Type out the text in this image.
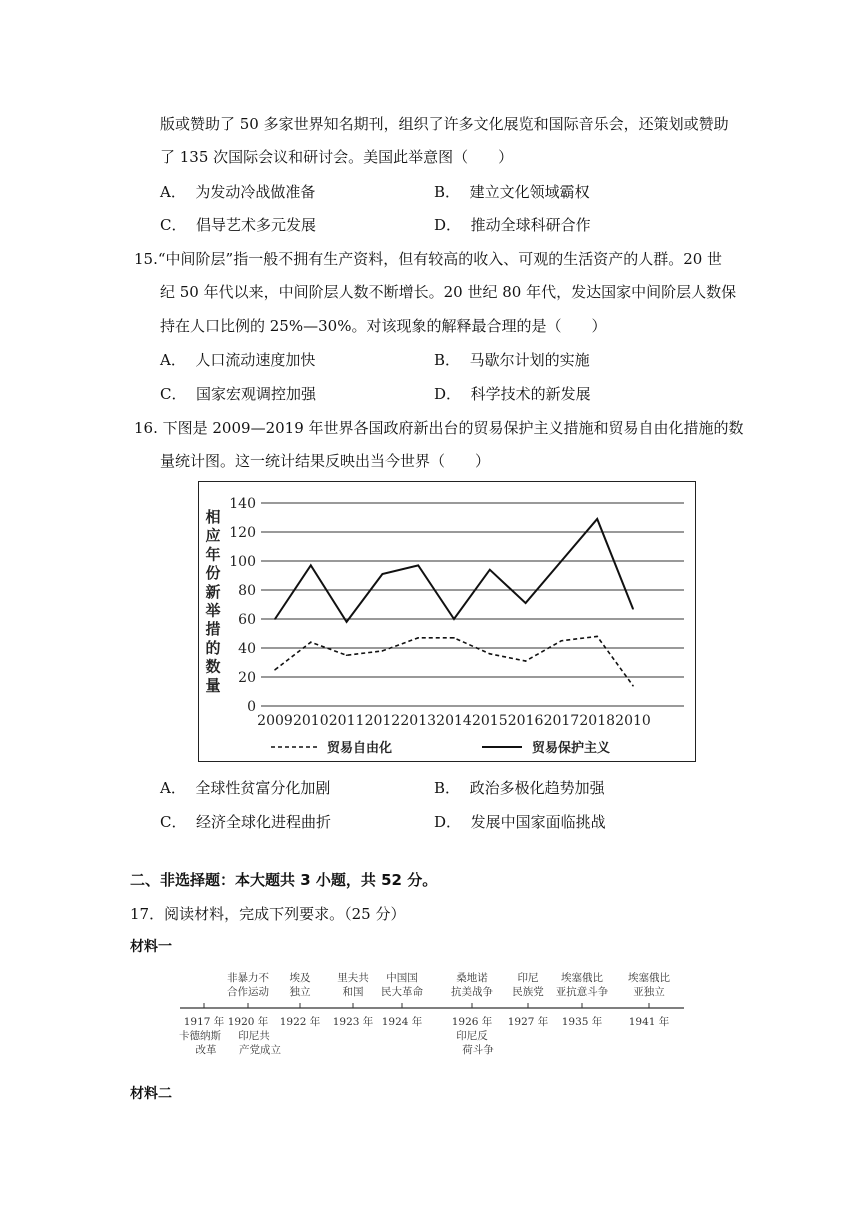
版或赞助了 50 多家世界知名期刊，组织了许多文化展览和国际音乐会，还策划或赞助
了 135 次国际会议和研讨会。美国此举意图（　　）
A． 为发动冷战做准备	B． 建立文化领域霸权
C． 倡导艺术多元发展	D． 推动全球科研合作
15.“中间阶层”指一般不拥有生产资料，但有较高的收入、可观的生活资产的人群。20 世
纪 50 年代以来，中间阶层人数不断增长。20 世纪 80 年代，发达国家中间阶层人数保
持在人口比例的 25%—30%。对该现象的解释最合理的是（　　）
A． 人口流动速度加快	B． 马歇尔计划的实施
C． 国家宏观调控加强	D． 科学技术的新发展
16. 下图是 2009—2019 年世界各国政府新出台的贸易保护主义措施和贸易自由化措施的数
量统计图。这一统计结果反映出当今世界（　　）
0
20
40
60
80
100
120
140
相
应
年
份
新
举
措
的
数
量
2009 2010 2011 2012 2013 2014 2015 2016 2017 2018 2010
贸易自由化	贸易保护主义
A． 全球性贫富分化加剧	B． 政治多极化趋势加强
C． 经济全球化进程曲折	D． 发展中国家面临挑战
二、非选择题：本大题共 3 小题，共 52 分。
17．阅读材料，完成下列要求。（25 分）
材料一
1917 年 1920 年 1922 年 1923 年 1924 年	1926 年 1927 年 1935 年	1941 年
非暴力不
合作运动
埃及
独立
里夫共
和国
中国国
民大革命
桑地诺
抗美战争
印尼
民族党
埃塞俄比
亚抗意斗争
埃塞俄比
亚独立
卡德纳斯
改革
印尼共
产党成立
印尼反
荷斗争
材料二
